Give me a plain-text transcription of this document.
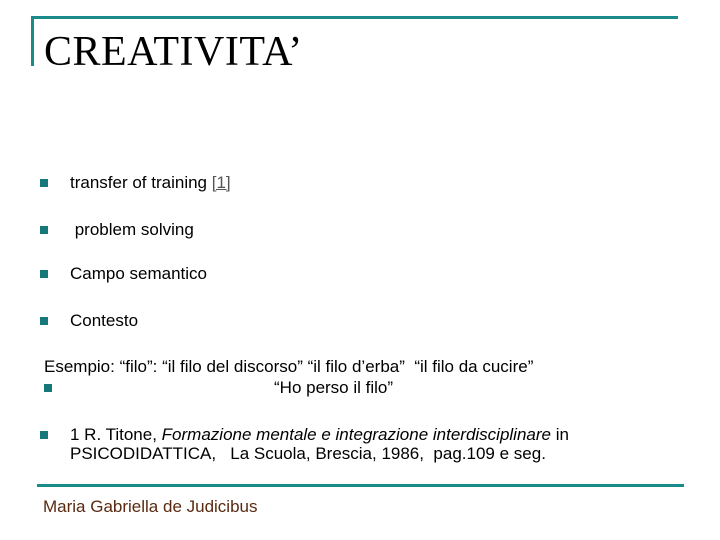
CREATIVITA’
transfer of training [1]
problem solving
Campo semantico
Contesto
Esempio: “filo”: “il filo del discorso” “il filo d’erba”  “il filo da cucire”
“Ho perso il filo”
1 R. Titone, Formazione mentale e integrazione interdisciplinare in
PSICODIDATTICA,   La Scuola, Brescia, 1986,  pag.109 e seg.
Maria Gabriella de Judicibus
